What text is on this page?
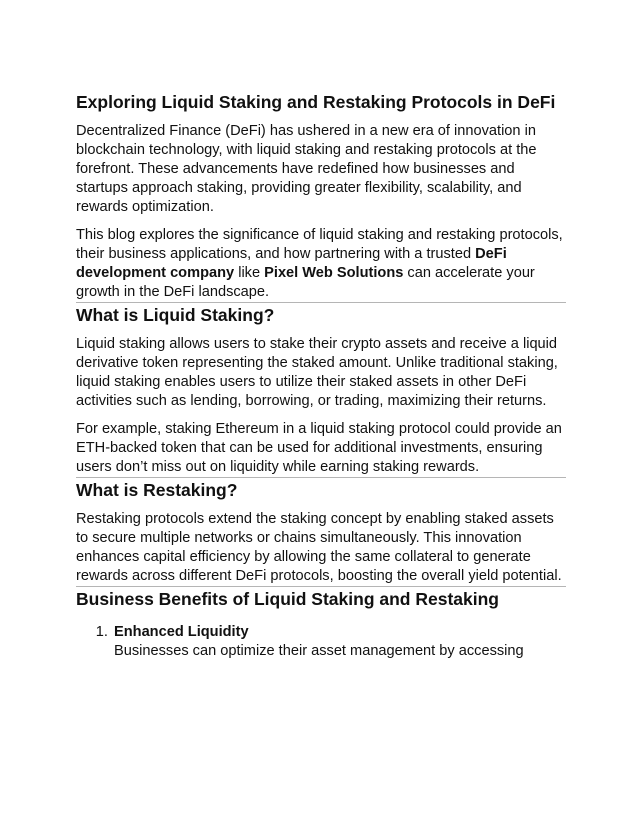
Exploring Liquid Staking and Restaking Protocols in DeFi

Decentralized Finance (DeFi) has ushered in a new era of innovation in blockchain technology, with liquid staking and restaking protocols at the forefront. These advancements have redefined how businesses and startups approach staking, providing greater flexibility, scalability, and rewards optimization.

This blog explores the significance of liquid staking and restaking protocols, their business applications, and how partnering with a trusted DeFi development company like Pixel Web Solutions can accelerate your growth in the DeFi landscape.

What is Liquid Staking?

Liquid staking allows users to stake their crypto assets and receive a liquid derivative token representing the staked amount. Unlike traditional staking, liquid staking enables users to utilize their staked assets in other DeFi activities such as lending, borrowing, or trading, maximizing their returns.

For example, staking Ethereum in a liquid staking protocol could provide an ETH-backed token that can be used for additional investments, ensuring users don’t miss out on liquidity while earning staking rewards.

What is Restaking?

Restaking protocols extend the staking concept by enabling staked assets to secure multiple networks or chains simultaneously. This innovation enhances capital efficiency by allowing the same collateral to generate rewards across different DeFi protocols, boosting the overall yield potential.

Business Benefits of Liquid Staking and Restaking
1. Enhanced Liquidity
Businesses can optimize their asset management by accessing
